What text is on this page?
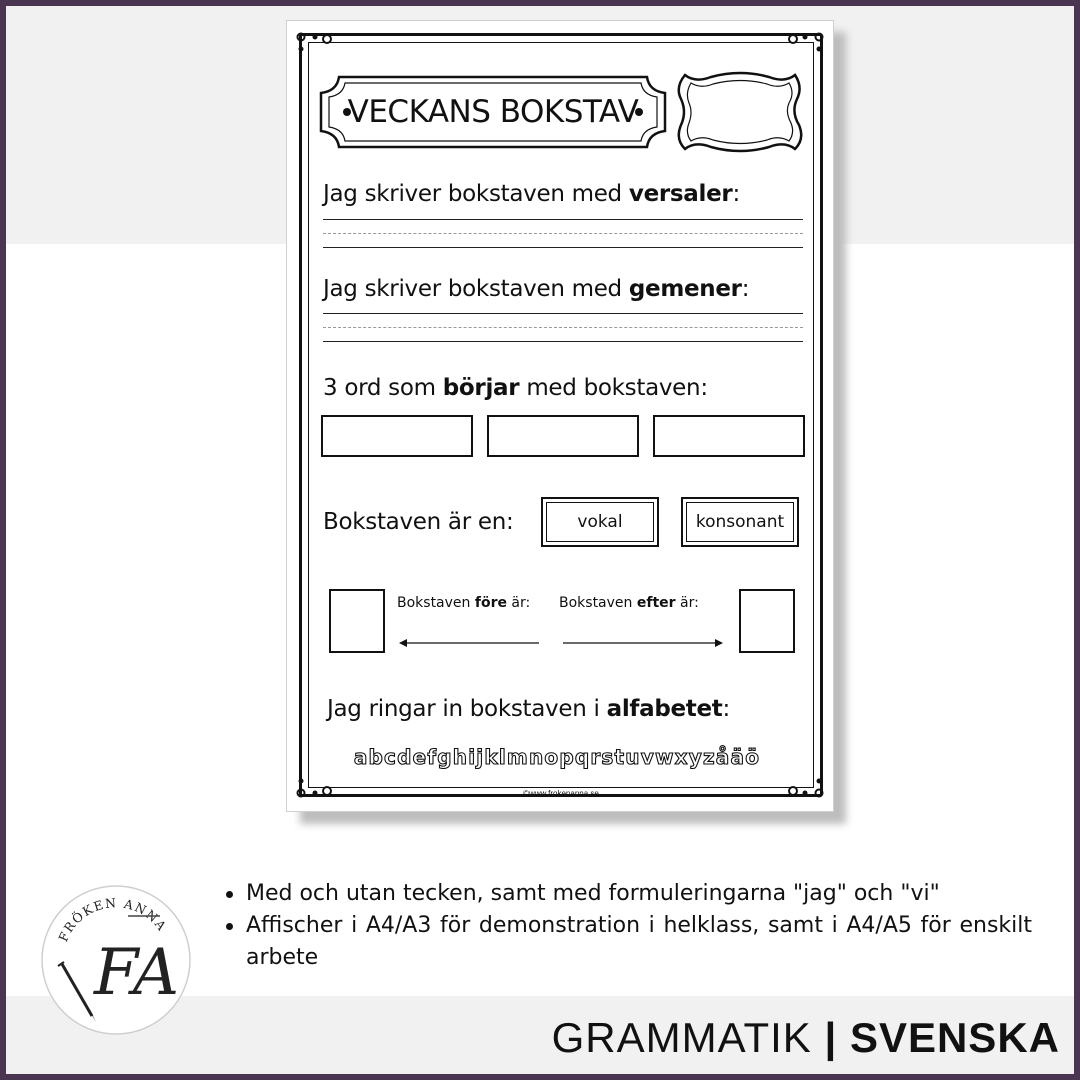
VECKANS BOKSTAV
Jag skriver bokstaven med versaler:
Jag skriver bokstaven med gemener:
3 ord som börjar med bokstaven:
Bokstaven är en:	vokal	konsonant
Bokstaven före är: Bokstaven efter är:
Jag ringar in bokstaven i alfabetet:
abcdefghijklmnopqrstuvwxyzåäö
©www.frokenanna.se
FRÖKEN ANNA
FA
Med och utan tecken, samt med formuleringarna "jag" och "vi"
Affischer i A4/A3 för demonstration i helklass, samt i A4/A5 för enskilt arbete
GRAMMATIK | SVENSKA
